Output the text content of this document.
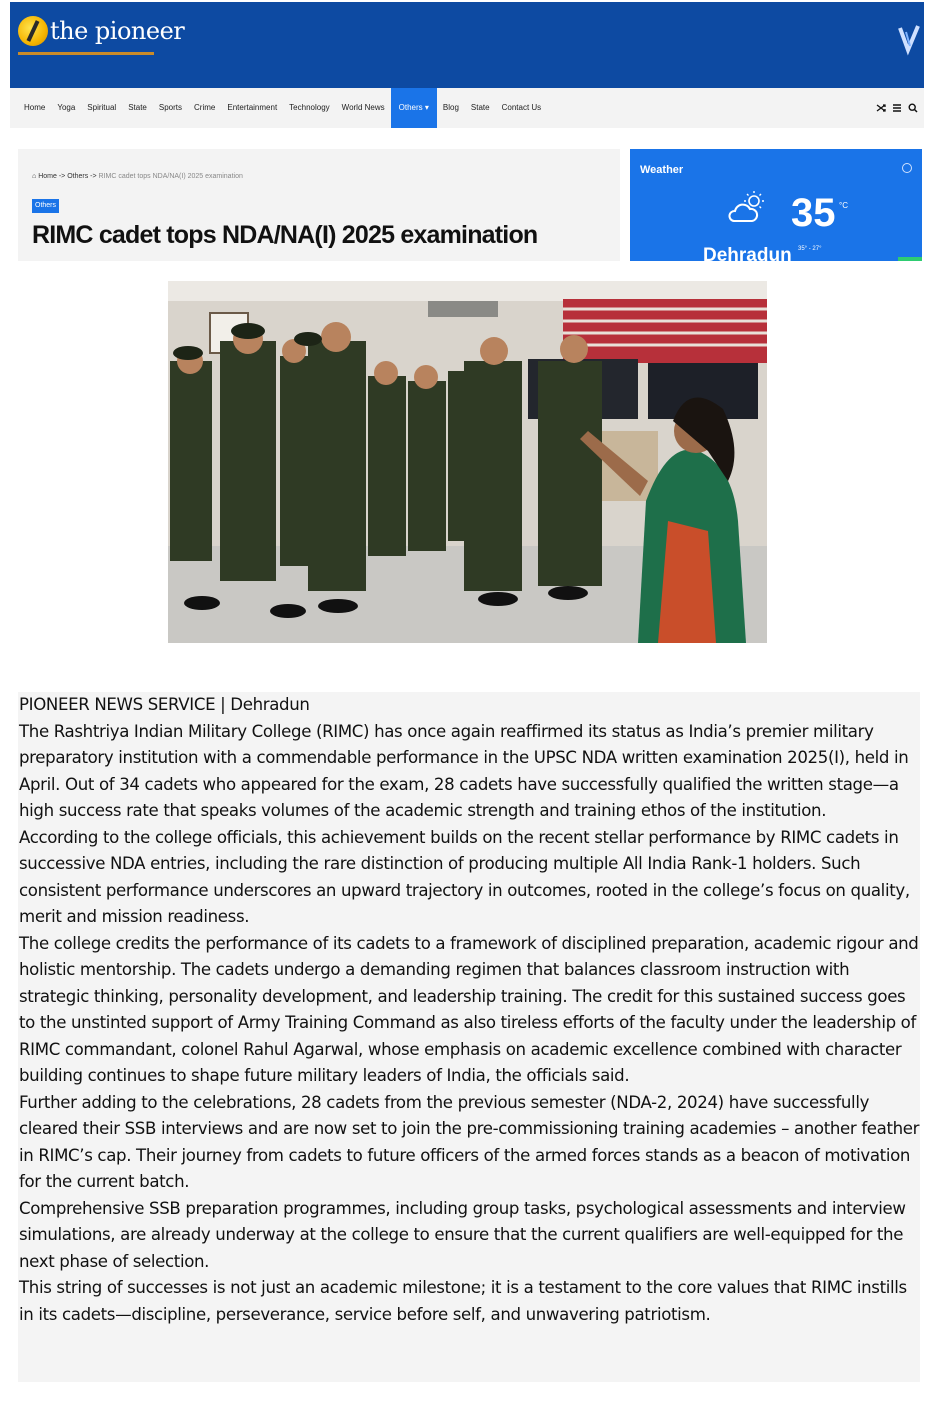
the pioneer
Home	Yoga	Spiritual	State	Sports	Crime	Entertainment	Technology	World News	Others ▾	Blog	State	Contact Us
⌂ Home -> Others -> RIMC cadet tops NDA/NA(I) 2025 examination
Others
RIMC cadet tops NDA/NA(I) 2025 examination
Weather
35 °C
Dehradun 35° - 27°

PIONEER NEWS SERVICE | Dehradun

The Rashtriya Indian Military College (RIMC) has once again reaffirmed its status as India’s premier military preparatory institution with a commendable performance in the UPSC NDA written examination 2025(I), held in April. Out of 34 cadets who appeared for the exam, 28 cadets have successfully qualified the written stage—a high success rate that speaks volumes of the academic strength and training ethos of the institution.

According to the college officials, this achievement builds on the recent stellar performance by RIMC cadets in successive NDA entries, including the rare distinction of producing multiple All India Rank-1 holders. Such consistent performance underscores an upward trajectory in outcomes, rooted in the college’s focus on quality, merit and mission readiness.

The college credits the performance of its cadets to a framework of disciplined preparation, academic rigour and holistic mentorship. The cadets undergo a demanding regimen that balances classroom instruction with strategic thinking, personality development, and leadership training. The credit for this sustained success goes to the unstinted support of Army Training Command as also tireless efforts of the faculty under the leadership of RIMC commandant, colonel Rahul Agarwal, whose emphasis on academic excellence combined with character building continues to shape future military leaders of India, the officials said.

Further adding to the celebrations, 28 cadets from the previous semester (NDA-2, 2024) have successfully cleared their SSB interviews and are now set to join the pre-commissioning training academies – another feather in RIMC’s cap. Their journey from cadets to future officers of the armed forces stands as a beacon of motivation for the current batch.

Comprehensive SSB preparation programmes, including group tasks, psychological assessments and interview simulations, are already underway at the college to ensure that the current qualifiers are well-equipped for the next phase of selection.

This string of successes is not just an academic milestone; it is a testament to the core values that RIMC instills in its cadets—discipline, perseverance, service before self, and unwavering patriotism.
